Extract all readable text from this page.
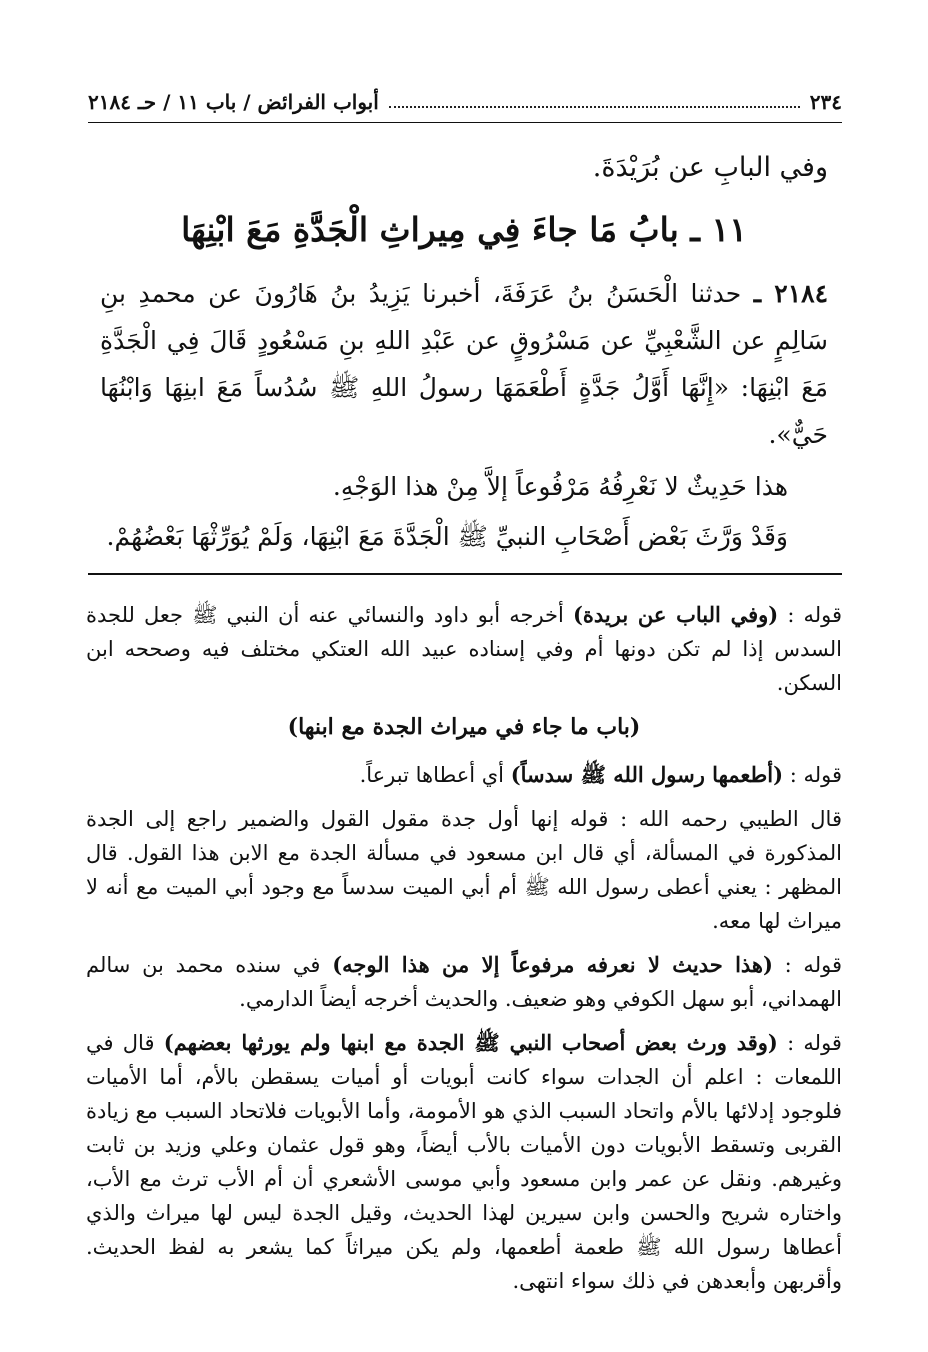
٢٣٤
أبواب الفرائض / باب ١١ / حـ ٢١٨٤

وفي البابِ عن بُرَيْدَةَ.

١١ ـ بابُ مَا جاءَ فِي مِيراثِ الْجَدَّةِ مَعَ ابْنِهَا

٢١٨٤ ـ حدثنا الْحَسَنُ بنُ عَرَفَةَ، أخبرنا يَزِيدُ بنُ هَارُونَ عن محمدِ بنِ سَالِمٍ عن الشَّعْبِيِّ عن مَسْرُوقٍ عن عَبْدِ اللهِ بنِ مَسْعُودٍ قَالَ فِي الْجَدَّةِ مَعَ ابْنِهَا: «إِنَّهَا أَوَّلُ جَدَّةٍ أَطْعَمَهَا رسولُ اللهِ ﷺ سُدُساً مَعَ ابنِهَا وَابْنُهَا حَيٌّ».

هذا حَدِيثٌ لا نَعْرِفُهُ مَرْفُوعاً إلاَّ مِنْ هذا الوَجْهِ.

وَقَدْ وَرَّثَ بَعْض أَصْحَابِ النبيِّ ﷺ الْجَدَّةَ مَعَ ابْنِهَا، وَلَمْ يُوَرِّثْهَا بَعْضُهُمْ.

قوله : (وفي الباب عن بريدة) أخرجه أبو داود والنسائي عنه أن النبي ﷺ جعل للجدة السدس إذا لم تكن دونها أم وفي إسناده عبيد الله العتكي مختلف فيه وصححه ابن السكن.

(باب ما جاء في ميراث الجدة مع ابنها)

قوله : (أطعمها رسول الله ﷺ سدساً) أي أعطاها تبرعاً.

قال الطيبي رحمه الله : قوله إنها أول جدة مقول القول والضمير راجع إلى الجدة المذكورة في المسألة، أي قال ابن مسعود في مسألة الجدة مع الابن هذا القول. قال المظهر : يعني أعطى رسول الله ﷺ أم أبي الميت سدساً مع وجود أبي الميت مع أنه لا ميراث لها معه.

قوله : (هذا حديث لا نعرفه مرفوعاً إلا من هذا الوجه) في سنده محمد بن سالم الهمداني، أبو سهل الكوفي وهو ضعيف. والحديث أخرجه أيضاً الدارمي.

قوله : (وقد ورث بعض أصحاب النبي ﷺ الجدة مع ابنها ولم يورثها بعضهم) قال في اللمعات : اعلم أن الجدات سواء كانت أبويات أو أميات يسقطن بالأم، أما الأميات فلوجود إدلائها بالأم واتحاد السبب الذي هو الأمومة، وأما الأبويات فلاتحاد السبب مع زيادة القربى وتسقط الأبويات دون الأميات بالأب أيضاً، وهو قول عثمان وعلي وزيد بن ثابت وغيرهم. ونقل عن عمر وابن مسعود وأبي موسى الأشعري أن أم الأب ترث مع الأب، واختاره شريح والحسن وابن سيرين لهذا الحديث، وقيل الجدة ليس لها ميراث والذي أعطاها رسول الله ﷺ طعمة أطعمها، ولم يكن ميراثاً كما يشعر به لفظ الحديث. وأقربهن وأبعدهن في ذلك سواء انتهى.
